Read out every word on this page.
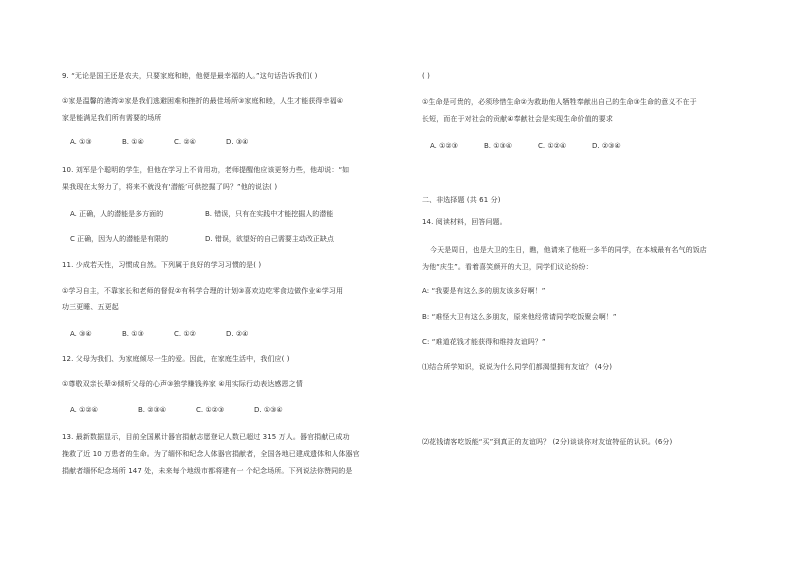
9. “无论是国王还是农夫，只要家庭和睦，他便是最幸福的人。”这句话告诉我们( )
①家是温馨的港湾②家是我们逃避困难和挫折的最佳场所③家庭和睦，人生才能获得幸福④
家是能满足我们所有需要的场所
A. ①③	B. ①④	C. ②④	D. ③④
10. 刘军是个聪明的学生，但他在学习上不肯用功，老师提醒他应该更努力些，他却说：“如
果我现在太努力了，将来不就没有‘潜能’可供挖掘了吗？”他的说法( )
A. 正确，人的潜能是多方面的	B. 错误，只有在实践中才能挖掘人的潜能
C 正确，因为人的潜能是有限的	D. 错误，欲望好的自己需要主动改正缺点
11. 少成若天性，习惯成自然。下列属于良好的学习习惯的是( )
①学习自主，不靠家长和老师的督促②有科学合理的计划③喜欢边吃零食边做作业④学习用
功三更睡、五更起
A. ③④	B. ①③	C. ①②	D. ②④
12. 父母为我们、为家庭倾尽一生的爱。因此，在家庭生活中，我们应( )
①尊敬双亲长辈②倾听父母的心声③独学赚钱养家 ④用实际行动表达感恩之情
A. ①②④	B. ②③④	C. ①②③	D. ①③④
13. 最新数据显示，目前全国累计器官捐献志愿登记人数已超过 315 万人。器官捐献已成功
挽救了近 10 万患者的生命。为了缅怀和纪念人体器官捐献者，全国各地已建成遗体和人体器官
捐献者缅怀纪念场所 147 处，未来每个地级市都将建有一 个纪念场所。下列说法你赞同的是
( )
①生命是可贵的，必须珍惜生命②为救助他人牺牲奉献出自己的生命③生命的意义不在于
长短，而在于对社会的贡献④奉献社会是实现生命价值的要求
A. ①②③	B. ①③④	C. ①②④	D. ②③④
二、非选择题 (共 61 分)
14. 阅读材料，回答问题。
今天是周日，也是大卫的生日，瞧，他请来了他班一多半的同学，在本城最有名气的饭店
为他“庆生”。看着喜笑颜开的大卫，同学们议论纷纷：
A: “我要是有这么多的朋友该多好啊！”
B: “难怪大卫有这么多朋友，原来他经常请同学吃饭聚会啊！”
C: “难道花钱才能获得和维持友谊吗？”
⑴结合所学知识，说说为什么同学们都渴望拥有友谊？ (4分)
⑵花钱请客吃饭能“买”到真正的友谊吗？ (2分)谈谈你对友谊特征的认识。(6分)
